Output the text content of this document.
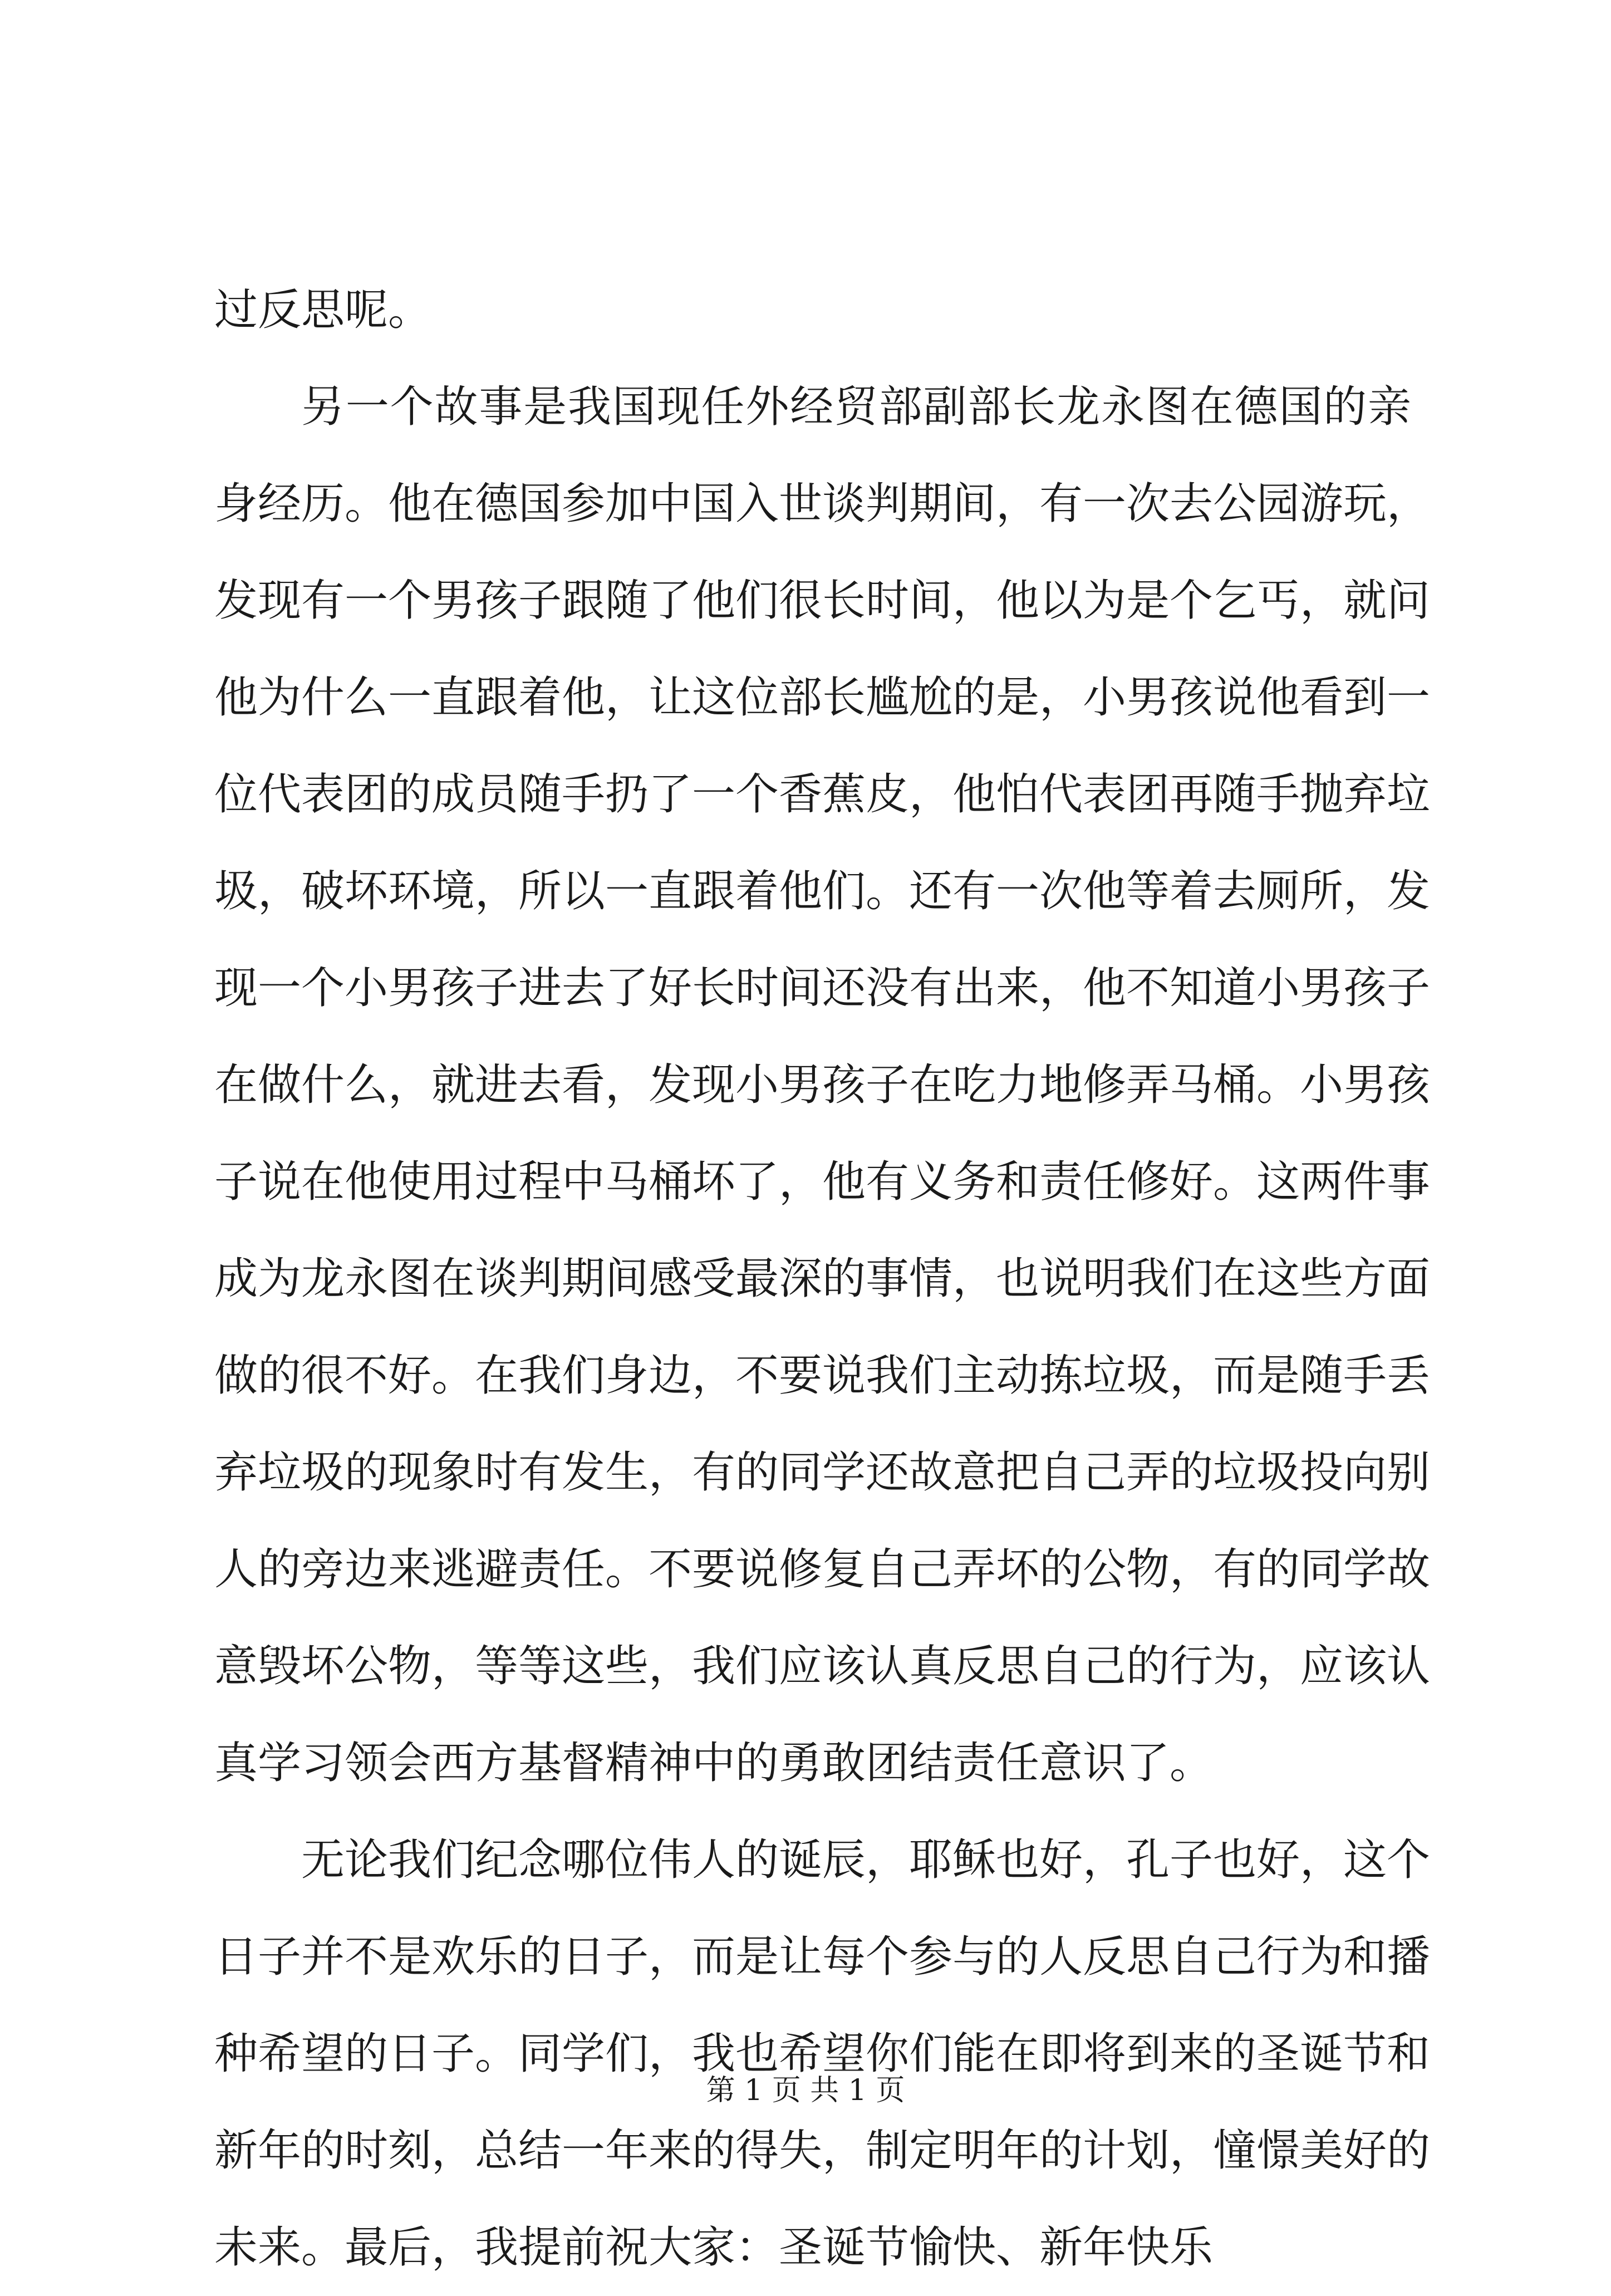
过反思呢。
另一个故事是我国现任外经贸部副部长龙永图在德国的亲
身经历。他在德国参加中国入世谈判期间，有一次去公园游玩，
发现有一个男孩子跟随了他们很长时间，他以为是个乞丐，就问
他为什么一直跟着他，让这位部长尴尬的是，小男孩说他看到一
位代表团的成员随手扔了一个香蕉皮，他怕代表团再随手抛弃垃
圾，破坏环境，所以一直跟着他们。还有一次他等着去厕所，发
现一个小男孩子进去了好长时间还没有出来，他不知道小男孩子
在做什么，就进去看，发现小男孩子在吃力地修弄马桶。小男孩
子说在他使用过程中马桶坏了，他有义务和责任修好。这两件事
成为龙永图在谈判期间感受最深的事情，也说明我们在这些方面
做的很不好。在我们身边，不要说我们主动拣垃圾，而是随手丢
弃垃圾的现象时有发生，有的同学还故意把自己弄的垃圾投向别
人的旁边来逃避责任。不要说修复自己弄坏的公物，有的同学故
意毁坏公物，等等这些，我们应该认真反思自己的行为，应该认
真学习领会西方基督精神中的勇敢团结责任意识了。
无论我们纪念哪位伟人的诞辰，耶稣也好，孔子也好，这个
日子并不是欢乐的日子，而是让每个参与的人反思自己行为和播
种希望的日子。同学们，我也希望你们能在即将到来的圣诞节和
新年的时刻，总结一年来的得失，制定明年的计划，憧憬美好的
未来。最后，我提前祝大家：圣诞节愉快、新年快乐
第 1 页 共 1 页
